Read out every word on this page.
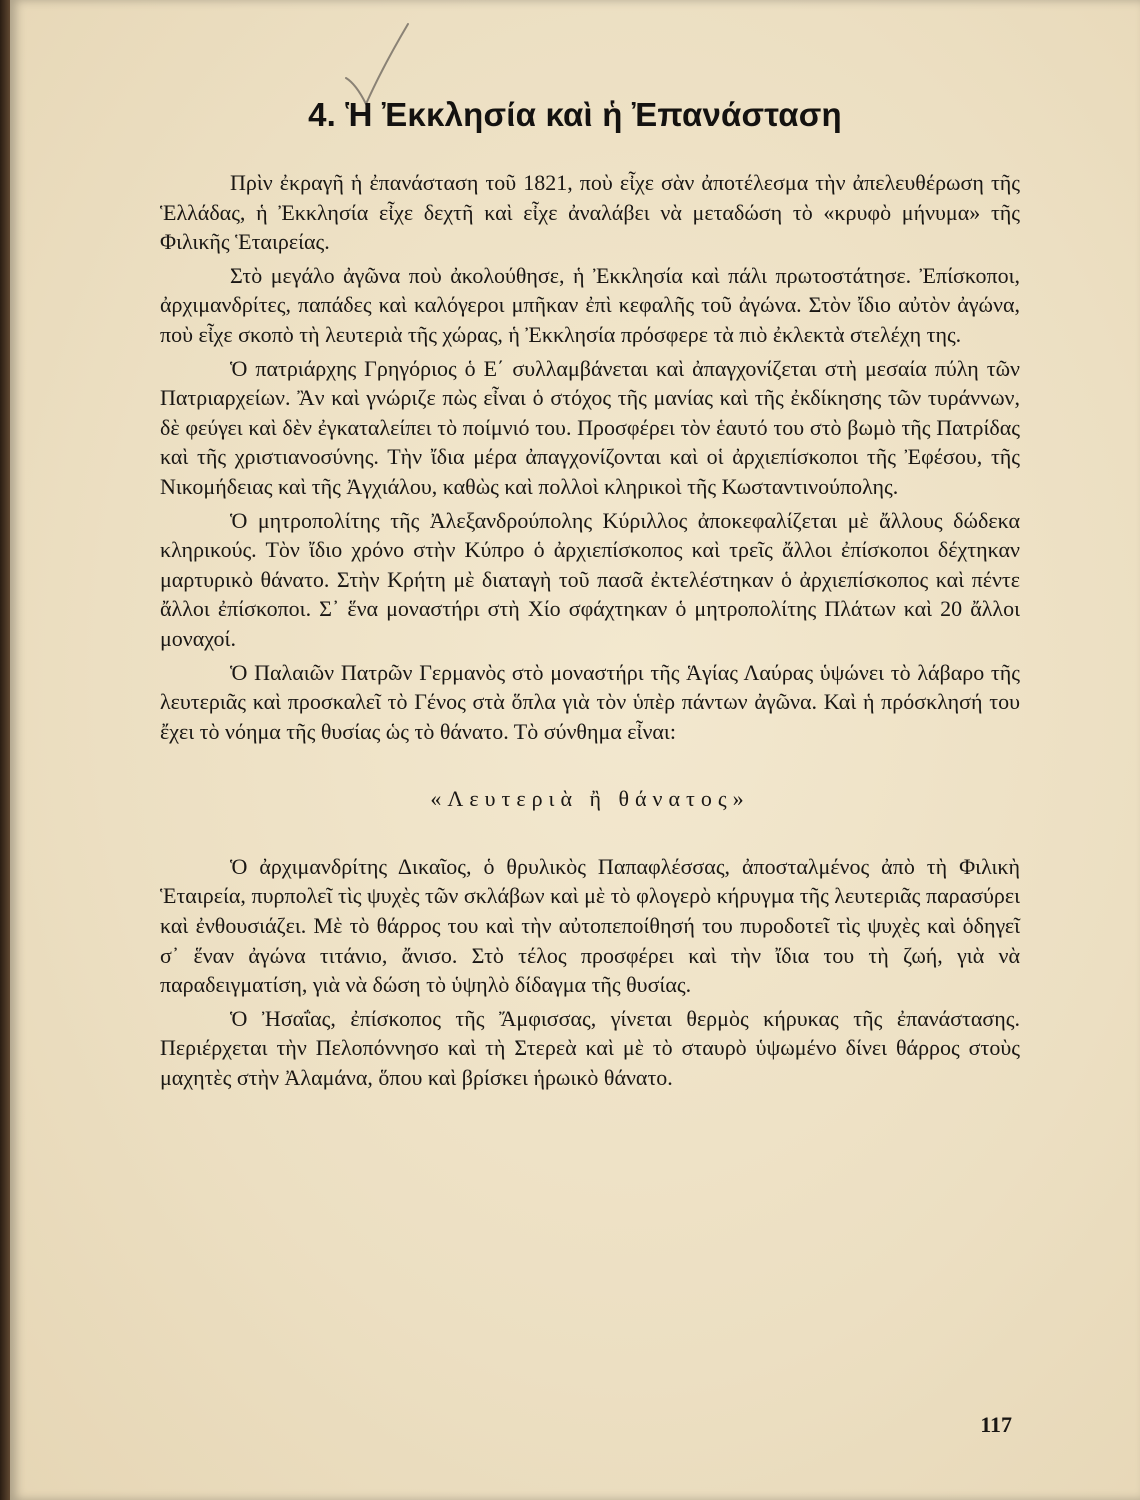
4. Ἡ Ἐκκλησία καὶ ἡ Ἐπανάσταση

Πρὶν ἐκραγῆ ἡ ἐπανάσταση τοῦ 1821, ποὺ εἶχε σὰν ἀποτέλεσμα τὴν ἀπελευθέρωση τῆς Ἑλλάδας, ἡ Ἐκκλησία εἶχε δεχτῆ καὶ εἶχε ἀναλάβει νὰ μεταδώση τὸ «κρυφὸ μήνυμα» τῆς Φιλικῆς Ἑταιρείας.

Στὸ μεγάλο ἀγῶνα ποὺ ἀκολούθησε, ἡ Ἐκκλησία καὶ πάλι πρωτοστάτησε. Ἐπίσκοποι, ἀρχιμανδρίτες, παπάδες καὶ καλόγεροι μπῆκαν ἐπὶ κεφαλῆς τοῦ ἀγώνα. Στὸν ἴδιο αὐτὸν ἀγώνα, ποὺ εἶχε σκοπὸ τὴ λευτεριὰ τῆς χώρας, ἡ Ἐκκλησία πρόσφερε τὰ πιὸ ἐκλεκτὰ στελέχη της.

Ὁ πατριάρχης Γρηγόριος ὁ Ε΄ συλλαμβάνεται καὶ ἀπαγχονίζεται στὴ μεσαία πύλη τῶν Πατριαρχείων. Ἂν καὶ γνώριζε πὼς εἶναι ὁ στόχος τῆς μανίας καὶ τῆς ἐκδίκησης τῶν τυράννων, δὲ φεύγει καὶ δὲν ἐγκαταλείπει τὸ ποίμνιό του. Προσφέρει τὸν ἑαυτό του στὸ βωμὸ τῆς Πατρίδας καὶ τῆς χριστιανοσύνης. Τὴν ἴδια μέρα ἀπαγχονίζονται καὶ οἱ ἀρχιεπίσκοποι τῆς Ἐφέσου, τῆς Νικομήδειας καὶ τῆς Ἀγχιάλου, καθὼς καὶ πολλοὶ κληρικοὶ τῆς Κωσταντινούπολης.

Ὁ μητροπολίτης τῆς Ἀλεξανδρούπολης Κύριλλος ἀποκεφαλίζεται μὲ ἄλλους δώδεκα κληρικούς. Τὸν ἴδιο χρόνο στὴν Κύπρο ὁ ἀρχιεπίσκοπος καὶ τρεῖς ἄλλοι ἐπίσκοποι δέχτηκαν μαρτυρικὸ θάνατο. Στὴν Κρήτη μὲ διαταγὴ τοῦ πασᾶ ἐκτελέστηκαν ὁ ἀρχιεπίσκοπος καὶ πέντε ἄλλοι ἐπίσκοποι. Σ᾽ ἕνα μοναστήρι στὴ Χίο σφάχτηκαν ὁ μητροπολίτης Πλάτων καὶ 20 ἄλλοι μοναχοί.

Ὁ Παλαιῶν Πατρῶν Γερμανὸς στὸ μοναστήρι τῆς Ἁγίας Λαύρας ὑψώνει τὸ λάβαρο τῆς λευτεριᾶς καὶ προσκαλεῖ τὸ Γένος στὰ ὅπλα γιὰ τὸν ὑπὲρ πάντων ἀγῶνα. Καὶ ἡ πρόσκλησή του ἔχει τὸ νόημα τῆς θυσίας ὡς τὸ θάνατο. Τὸ σύνθημα εἶναι:

«Λευτεριὰ ἢ θάνατος»

Ὁ ἀρχιμανδρίτης Δικαῖος, ὁ θρυλικὸς Παπαφλέσσας, ἀποσταλμένος ἀπὸ τὴ Φιλικὴ Ἑταιρεία, πυρπολεῖ τὶς ψυχὲς τῶν σκλάβων καὶ μὲ τὸ φλογερὸ κήρυγμα τῆς λευτεριᾶς παρασύρει καὶ ἐνθουσιάζει. Μὲ τὸ θάρρος του καὶ τὴν αὐτοπεποίθησή του πυροδοτεῖ τὶς ψυχὲς καὶ ὁδηγεῖ σ᾽ ἕναν ἀγώνα τιτάνιο, ἄνισο. Στὸ τέλος προσφέρει καὶ τὴν ἴδια του τὴ ζωή, γιὰ νὰ παραδειγματίση, γιὰ νὰ δώση τὸ ὑψηλὸ δίδαγμα τῆς θυσίας.

Ὁ Ἠσαΐας, ἐπίσκοπος τῆς Ἄμφισσας, γίνεται θερμὸς κήρυκας τῆς ἐπανάστασης. Περιέρχεται τὴν Πελοπόννησο καὶ τὴ Στερεὰ καὶ μὲ τὸ σταυρὸ ὑψωμένο δίνει θάρρος στοὺς μαχητὲς στὴν Ἀλαμάνα, ὅπου καὶ βρίσκει ἡρωικὸ θάνατο.

117
